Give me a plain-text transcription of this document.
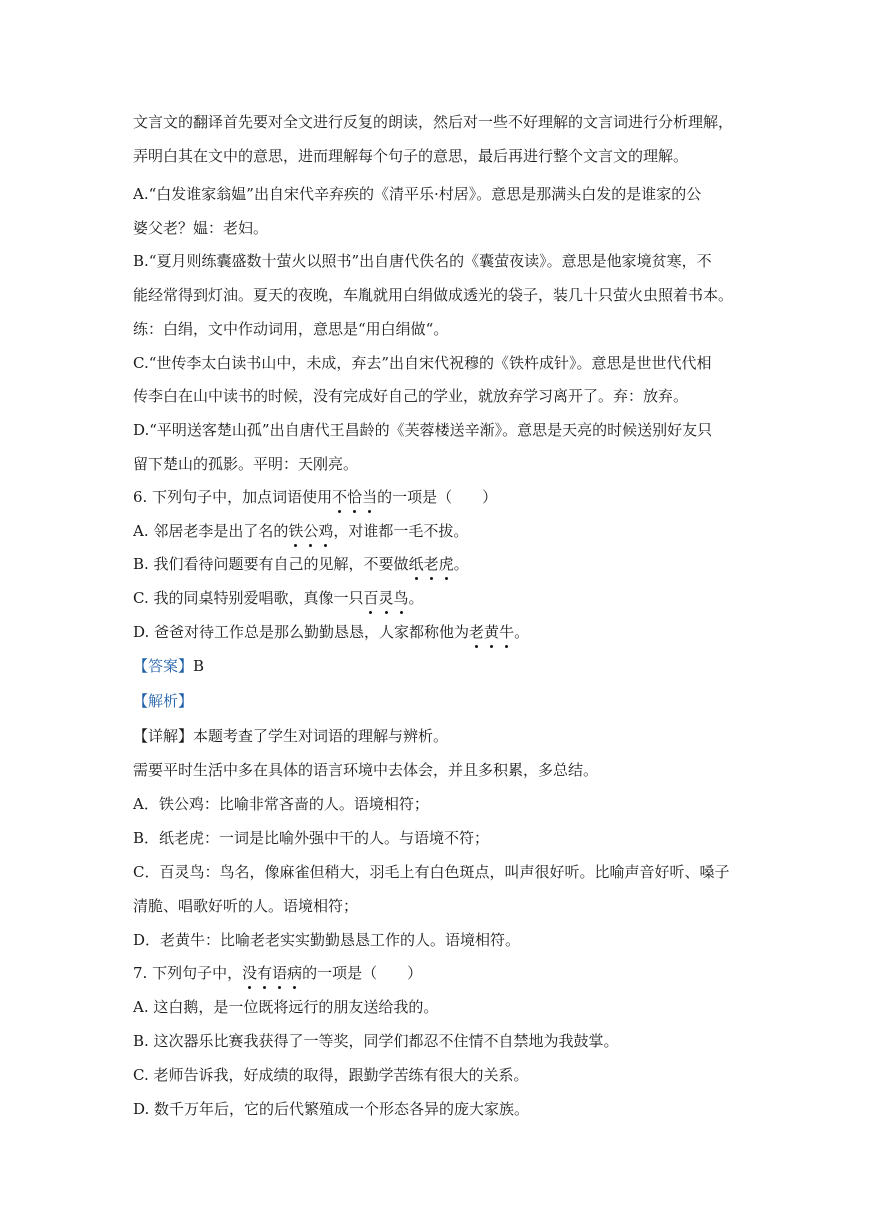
文言文的翻译首先要对全文进行反复的朗读，然后对一些不好理解的文言词进行分析理解，
弄明白其在文中的意思，进而理解每个句子的意思，最后再进行整个文言文的理解。
A.“白发谁家翁媪”出自宋代辛弃疾的《清平乐·村居》。意思是那满头白发的是谁家的公
婆父老？媪：老妇。
B.“夏月则练囊盛数十萤火以照书”出自唐代佚名的《囊萤夜读》。意思是他家境贫寒，不
能经常得到灯油。夏天的夜晚，车胤就用白绢做成透光的袋子，装几十只萤火虫照着书本。
练：白绢，文中作动词用，意思是“用白绢做“。
C.“世传李太白读书山中，未成，弃去”出自宋代祝穆的《铁杵成针》。意思是世世代代相
传李白在山中读书的时候，没有完成好自己的学业，就放弃学习离开了。弃：放弃。
D.“平明送客楚山孤”出自唐代王昌龄的《芙蓉楼送辛渐》。意思是天亮的时候送别好友只
留下楚山的孤影。平明：天刚亮。
6. 下列句子中，加点词语使用不恰当的一项是（　　）
A. 邻居老李是出了名的铁公鸡，对谁都一毛不拔。
B. 我们看待问题要有自己的见解，不要做纸老虎。
C. 我的同桌特别爱唱歌，真像一只百灵鸟。
D. 爸爸对待工作总是那么勤勤恳恳，人家都称他为老黄牛。
【答案】B
【解析】
【详解】本题考查了学生对词语的理解与辨析。
需要平时生活中多在具体的语言环境中去体会，并且多积累，多总结。
A．铁公鸡：比喻非常吝啬的人。语境相符；
B．纸老虎：一词是比喻外强中干的人。与语境不符；
C．百灵鸟：鸟名，像麻雀但稍大，羽毛上有白色斑点，叫声很好听。比喻声音好听、嗓子
清脆、唱歌好听的人。语境相符；
D．老黄牛：比喻老老实实勤勤恳恳工作的人。语境相符。
7. 下列句子中，没有语病的一项是（　　）
A. 这白鹅，是一位既将远行的朋友送给我的。
B. 这次器乐比赛我获得了一等奖，同学们都忍不住情不自禁地为我鼓掌。
C. 老师告诉我，好成绩的取得，跟勤学苦练有很大的关系。
D. 数千万年后，它的后代繁殖成一个形态各异的庞大家族。
